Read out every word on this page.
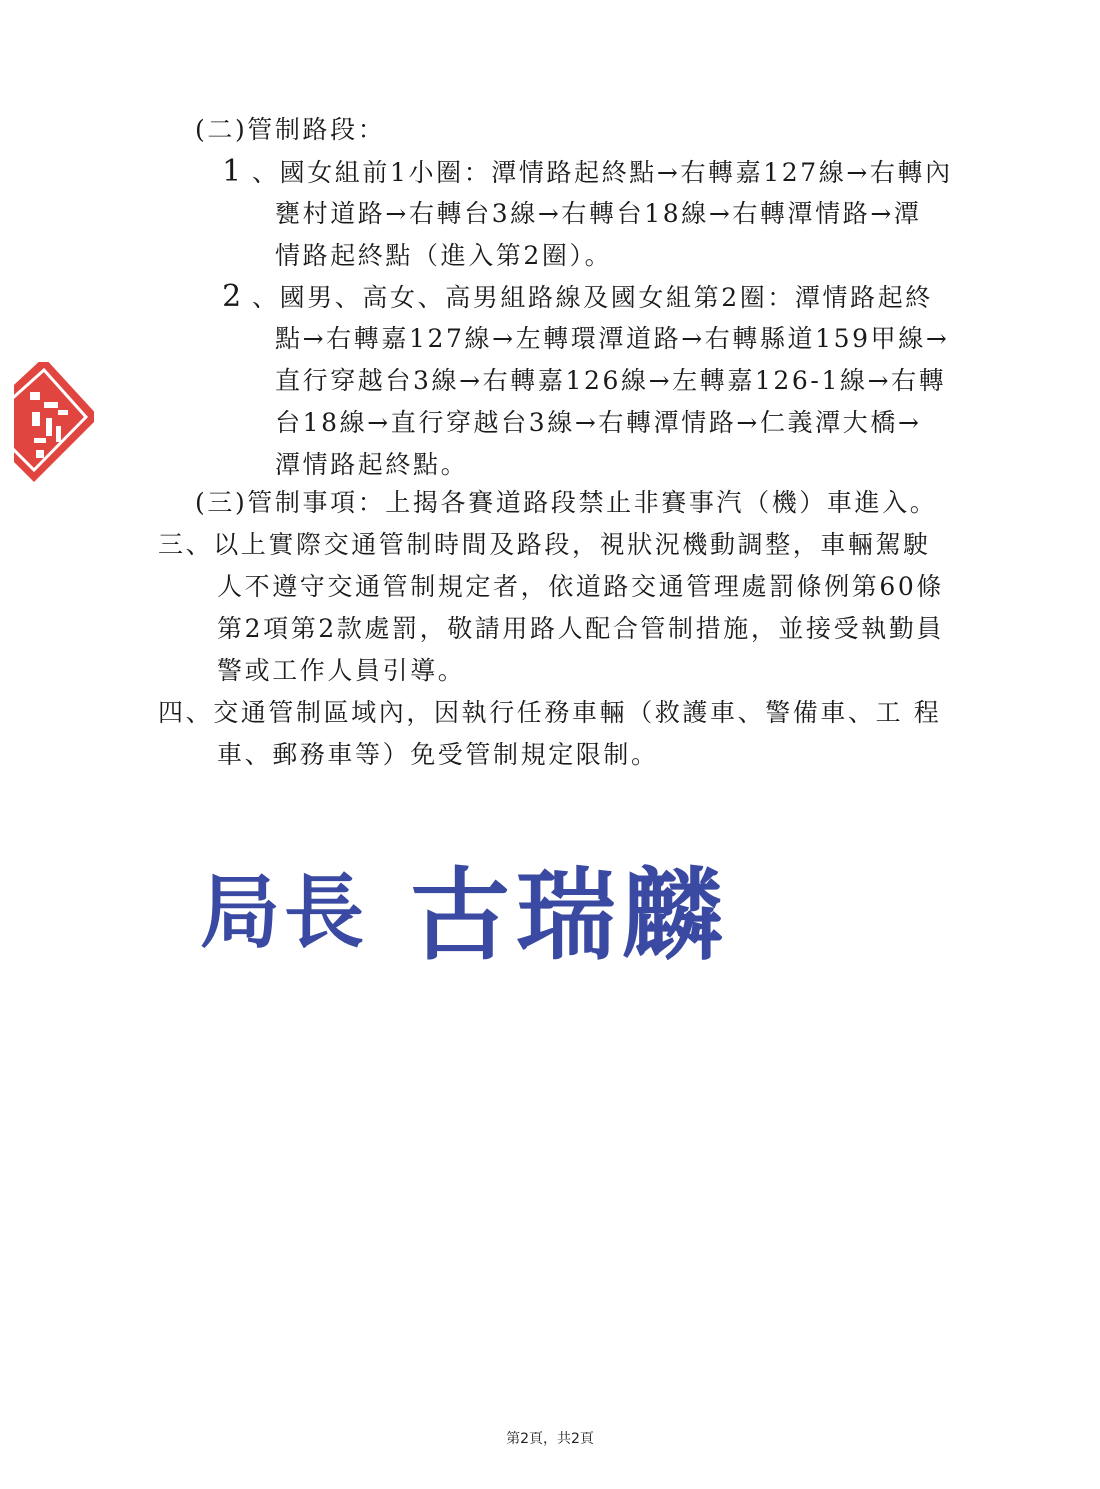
(二)管制路段：
1 、國女組前1小圈：潭情路起終點→右轉嘉127線→右轉內
甕村道路→右轉台3線→右轉台18線→右轉潭情路→潭
情路起終點（進入第2圈）。
2 、國男、高女、高男組路線及國女組第2圈：潭情路起終
點→右轉嘉127線→左轉環潭道路→右轉縣道159甲線→
直行穿越台3線→右轉嘉126線→左轉嘉126-1線→右轉
台18線→直行穿越台3線→右轉潭情路→仁義潭大橋→
潭情路起終點。
(三)管制事項：上揭各賽道路段禁止非賽事汽（機）車進入。
三、以上實際交通管制時間及路段，視狀況機動調整，車輛駕駛
人不遵守交通管制規定者，依道路交通管理處罰條例第60條
第2項第2款處罰，敬請用路人配合管制措施，並接受執勤員
警或工作人員引導。
四、交通管制區域內，因執行任務車輛（救護車、警備車、工 程
車、郵務車等）免受管制規定限制。
局長 古瑞麟
第2頁，共2頁
